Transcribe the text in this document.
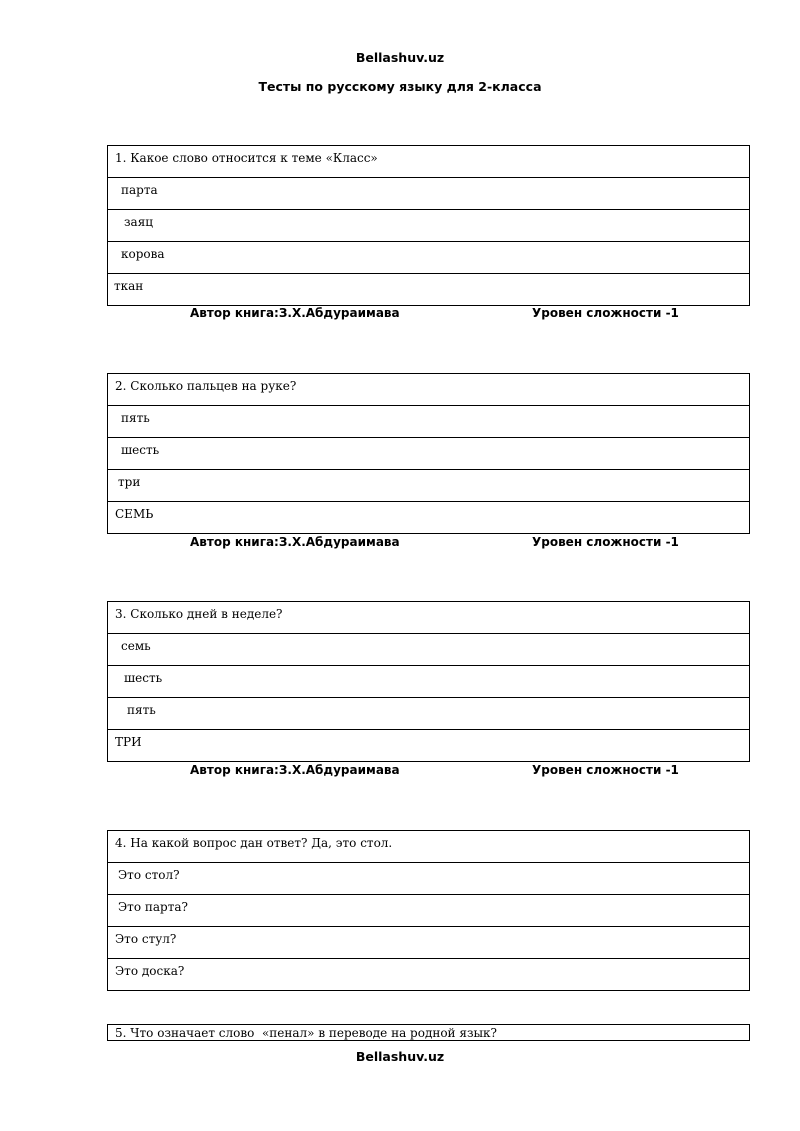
Bellashuv.uz
Тесты по русскому языку для 2-класса
1. Какое слово относится к теме «Класс»
парта
заяц
корова
ткан
Автор книга:З.Х.Абдураимава	Уровен сложности -1
2. Сколько пальцев на руке?
пять
шесть
три
СЕМЬ
Автор книга:З.Х.Абдураимава	Уровен сложности -1
3. Сколько дней в неделе?
семь
шесть
пять
ТРИ
Автор книга:З.Х.Абдураимава	Уровен сложности -1
4. На какой вопрос дан ответ? Да, это стол.
Это стол?
Это парта?
Это стул?
Это доска?
5. Что означает слово  «пенал» в переводе на родной язык?
Bellashuv.uz
